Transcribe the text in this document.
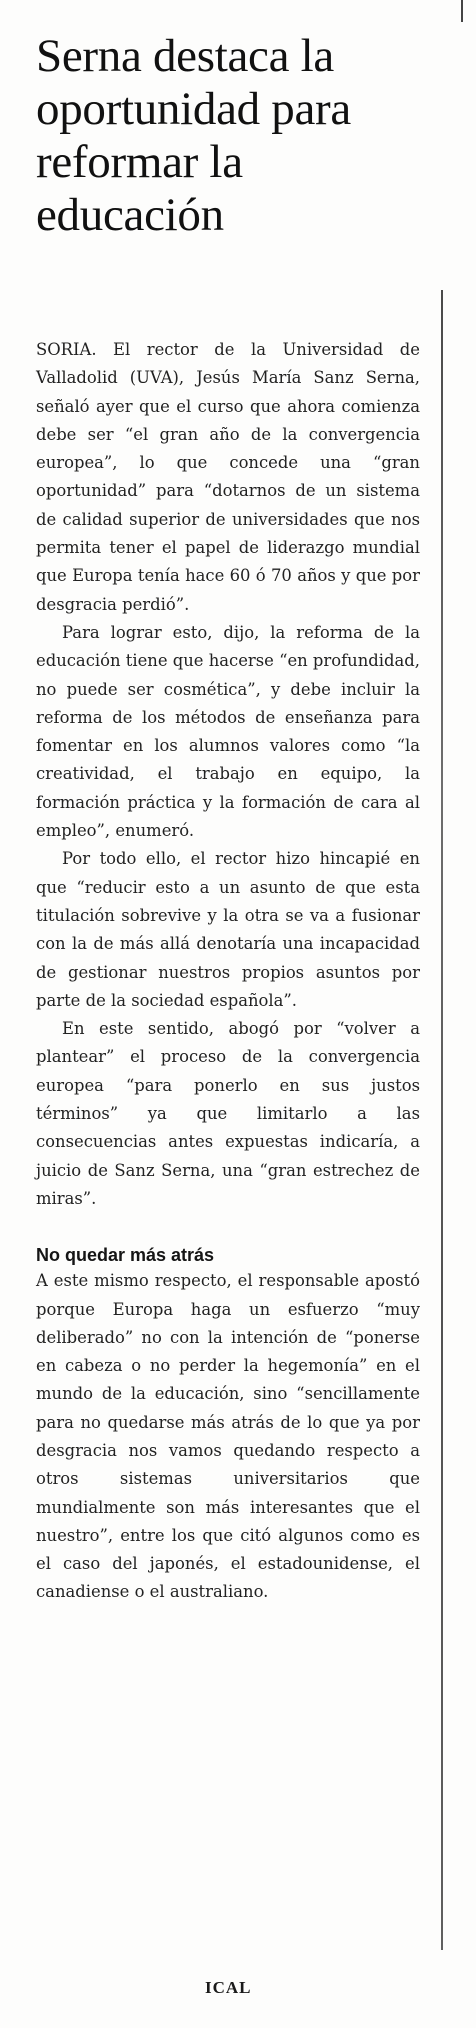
Serna destaca la oportunidad para reformar la educación

SORIA. El rector de la Universidad de Valladolid (UVA), Jesús María Sanz Serna, señaló ayer que el curso que ahora comienza debe ser “el gran año de la convergencia europea”, lo que concede una “gran oportunidad” para “dotarnos de un sistema de calidad superior de universidades que nos permita tener el papel de liderazgo mundial que Europa tenía hace 60 ó 70 años y que por desgracia perdió”.

Para lograr esto, dijo, la reforma de la educación tiene que hacerse “en profundidad, no puede ser cosmética”, y debe incluir la reforma de los métodos de enseñanza para fomentar en los alumnos valores como “la creatividad, el trabajo en equipo, la formación práctica y la formación de cara al empleo”, enumeró.

Por todo ello, el rector hizo hincapié en que “reducir esto a un asunto de que esta titulación sobrevive y la otra se va a fusionar con la de más allá denotaría una incapacidad de gestionar nuestros propios asuntos por parte de la sociedad española”.

En este sentido, abogó por “volver a plantear” el proceso de la convergencia europea “para ponerlo en sus justos términos” ya que limitarlo a las consecuencias antes expuestas indicaría, a juicio de Sanz Serna, una “gran estrechez de miras”.

No quedar más atrás

A este mismo respecto, el responsable apostó porque Europa haga un esfuerzo “muy deliberado” no con la intención de “ponerse en cabeza o no perder la hegemonía” en el mundo de la educación, sino “sencillamente para no quedarse más atrás de lo que ya por desgracia nos vamos quedando respecto a otros sistemas universitarios que mundialmente son más interesantes que el nuestro”, entre los que citó algunos como es el caso del japonés, el estadounidense, el canadiense o el australiano.

ICAL
